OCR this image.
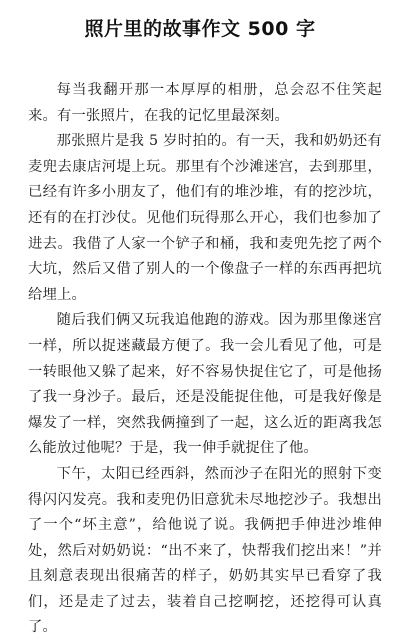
照片里的故事作文 500 字

每当我翻开那一本厚厚的相册，总会忍不住笑起来。有一张照片，在我的记忆里最深刻。

那张照片是我 5 岁时拍的。有一天，我和奶奶还有麦兜去康店河堤上玩。那里有个沙滩迷宫，去到那里，已经有许多小朋友了，他们有的堆沙堆，有的挖沙坑，还有的在打沙仗。见他们玩得那么开心，我们也参加了进去。我借了人家一个铲子和桶，我和麦兜先挖了两个大坑，然后又借了别人的一个像盘子一样的东西再把坑给埋上。

随后我们俩又玩我追他跑的游戏。因为那里像迷宫一样，所以捉迷藏最方便了。我一会儿看见了他，可是一转眼他又躲了起来，好不容易快捉住它了，可是他扬了我一身沙子。最后，还是没能捉住他，可是我好像是爆发了一样，突然我俩撞到了一起，这么近的距离我怎么能放过他呢？于是，我一伸手就捉住了他。

下午，太阳已经西斜，然而沙子在阳光的照射下变得闪闪发亮。我和麦兜仍旧意犹未尽地挖沙子。我想出了一个“坏主意”，给他说了说。我俩把手伸进沙堆伸处，然后对奶奶说：“出不来了，快帮我们挖出来！”并且刻意表现出很痛苦的样子，奶奶其实早已看穿了我们，还是走了过去，装着自己挖啊挖，还挖得可认真了。
